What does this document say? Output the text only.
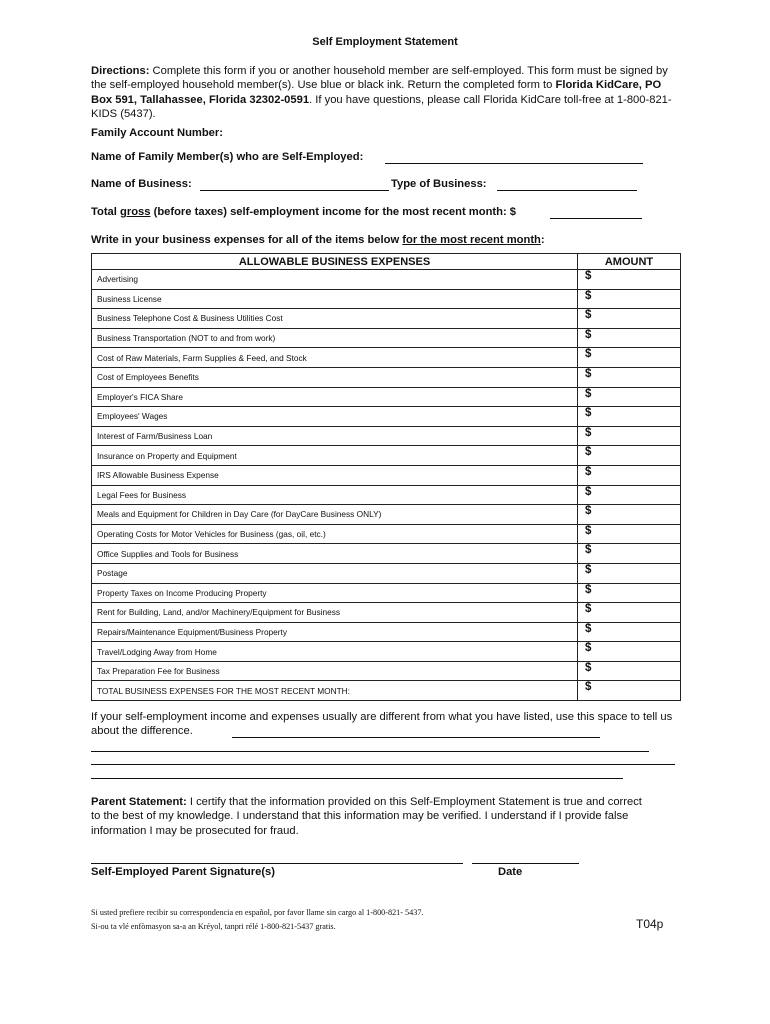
Self Employment Statement
Directions: Complete this form if you or another household member are self-employed. This form must be signed by the self-employed household member(s). Use blue or black ink. Return the completed form to Florida KidCare, PO Box 591, Tallahassee, Florida 32302-0591. If you have questions, please call Florida KidCare toll-free at 1-800-821-KIDS (5437).
Family Account Number:
Name of Family Member(s) who are Self-Employed:
Name of Business:	Type of Business:
Total gross (before taxes) self-employment income for the most recent month: $
Write in your business expenses for all of the items below for the most recent month:
ALLOWABLE BUSINESS EXPENSES	AMOUNT
Advertising	$
Business License	$
Business Telephone Cost & Business Utilities Cost	$
Business Transportation (NOT to and from work)	$
Cost of Raw Materials, Farm Supplies & Feed, and Stock	$
Cost of Employees Benefits	$
Employer's FICA Share	$
Employees' Wages	$
Interest of Farm/Business Loan	$
Insurance on Property and Equipment	$
IRS Allowable Business Expense	$
Legal Fees for Business	$
Meals and Equipment for Children in Day Care (for DayCare Business ONLY)	$
Operating Costs for Motor Vehicles for Business (gas, oil, etc.)	$
Office Supplies and Tools for Business	$
Postage	$
Property Taxes on Income Producing Property	$
Rent for Building, Land, and/or Machinery/Equipment for Business	$
Repairs/Maintenance Equipment/Business Property	$
Travel/Lodging Away from Home	$
Tax Preparation Fee for Business	$
TOTAL BUSINESS EXPENSES FOR THE MOST RECENT MONTH:	$
If your self-employment income and expenses usually are different from what you have listed, use this space to tell us about the difference.
Parent Statement: I certify that the information provided on this Self-Employment Statement is true and correct to the best of my knowledge. I understand that this information may be verified. I understand if I provide false information I may be prosecuted for fraud.
Self-Employed Parent Signature(s)	Date
Si usted prefiere recibir su correspondencia en español, por favor llame sin cargo al 1-800-821- 5437.
Si-ou ta vlé enfòmasyon sa-a an Kréyol, tanpri rélé 1-800-821-5437 gratis.	T04p
